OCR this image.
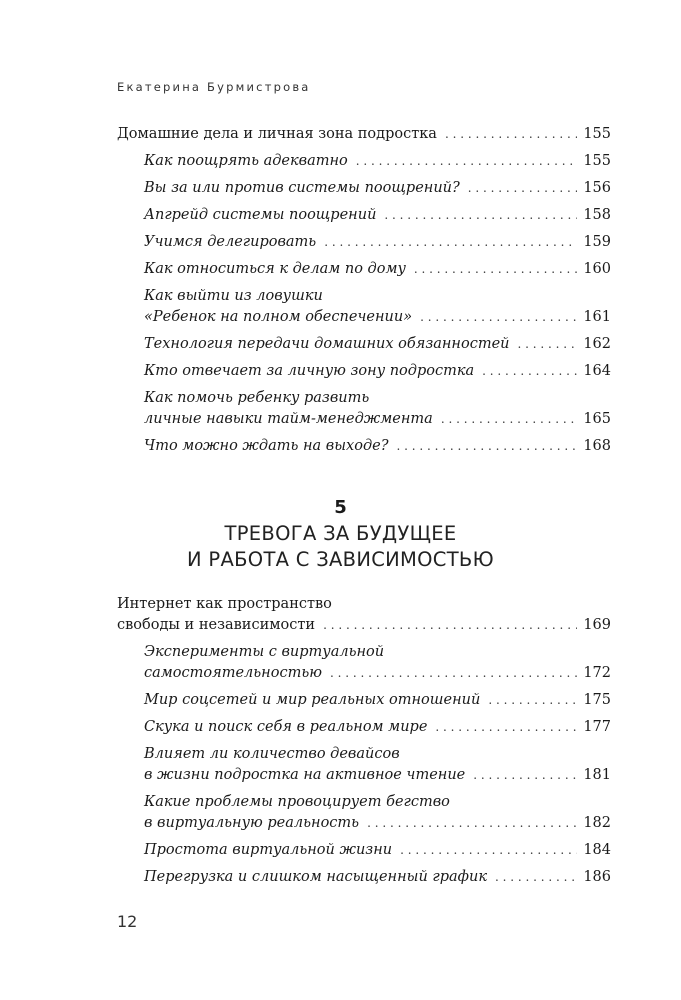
Екатерина Бурмистрова
Домашние дела и личная зона подростка . . .	155
Как поощрять адекватно . . .	155
Вы за или против системы поощрений? . . .	156
Апгрейд системы поощрений . . .	158
Учимся делегировать . . .	159
Как относиться к делам по дому . . .	160
Как выйти из ловушки
«Ребенок на полном обеспечении» . . .	161
Технология передачи домашних обязанностей . . .	162
Кто отвечает за личную зону подростка . . .	164
Как помочь ребенку развить
личные навыки тайм-менеджмента . . .	165
Что можно ждать на выходе? . . .	168
5
ТРЕВОГА ЗА БУДУЩЕЕ
И РАБОТА С ЗАВИСИМОСТЬЮ
Интернет как пространство
свободы и независимости . . .	169
Эксперименты с виртуальной
самостоятельностью . . .	172
Мир соцсетей и мир реальных отношений . . .	175
Скука и поиск себя в реальном мире . . .	177
Влияет ли количество девайсов
в жизни подростка на активное чтение . . .	181
Какие проблемы провоцирует бегство
в виртуальную реальность . . .	182
Простота виртуальной жизни . . .	184
Перегрузка и слишком насыщенный график . . .	186
12
